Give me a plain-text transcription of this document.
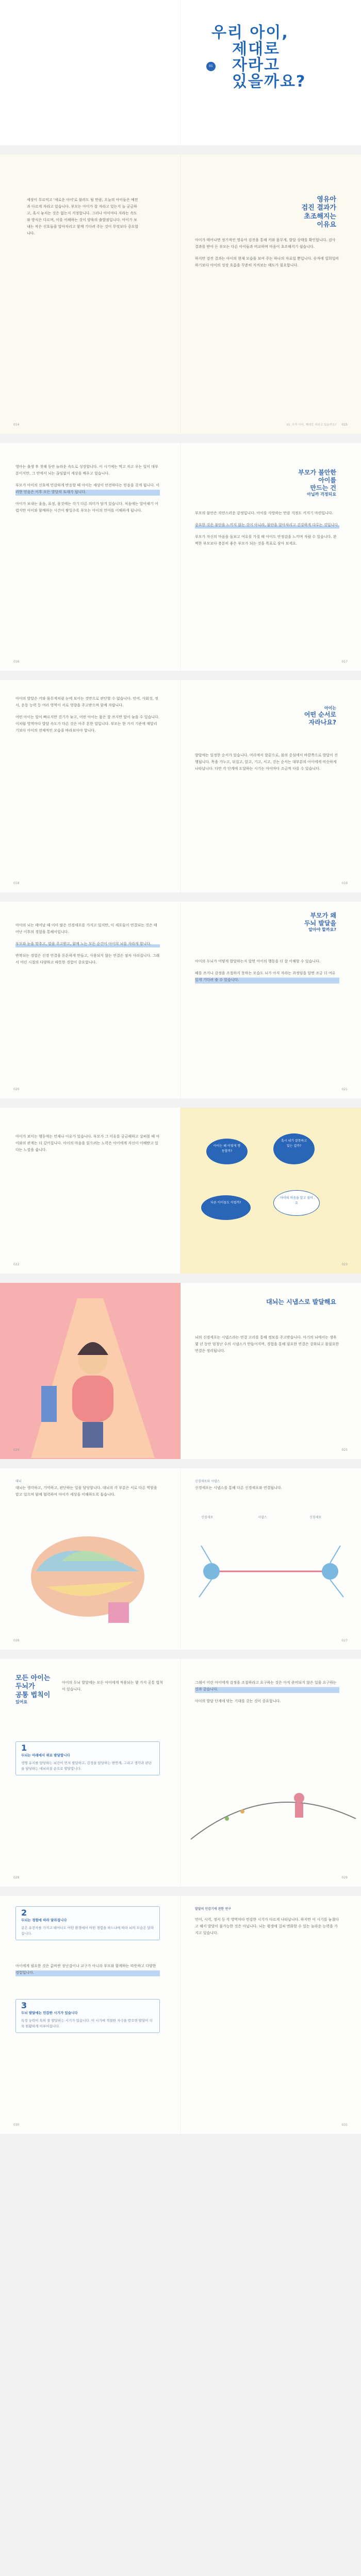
우리 아이,
제대로
자라고
있을까요?
01

세상이 무르익고 '새로운 아이'로 불러도 될 만큼, 오늘의 아이들은 예전과 다르게 자라고 있습니다. 부모는 아이가 잘 자라고 있는지 늘 궁금하고, 혹시 놓치는 것은 없는지 걱정합니다. 그러나 아이마다 자라는 속도와 방식은 다르며, 이를 이해하는 것이 양육의 출발점입니다. 아이가 보내는 작은 신호들을 알아차리고 함께 기다려 주는 것이 무엇보다 중요합니다.

014
영유아
검진 결과가
초조해지는
이유요

아이가 태어나면 정기적인 영유아 검진을 통해 키와 몸무게, 발달 상태를 확인합니다. 검사 결과를 받아 든 부모는 다른 아이들과 비교하며 마음이 초조해지기 쉽습니다.

하지만 검진 결과는 아이의 현재 모습을 보여 주는 하나의 자료일 뿐입니다. 숫자에 일희일비하기보다 아이의 성장 흐름을 꾸준히 지켜보는 태도가 필요합니다.

01. 우리 아이, 제대로 자라고 있을까요? 015

영아는 출생 후 첫해 동안 놀라운 속도로 성장합니다. 이 시기에는 먹고 자고 우는 일이 대부분이지만, 그 안에서 뇌는 끊임없이 세상을 배우고 있습니다.

부모가 아이의 신호에 민감하게 반응할 때 아이는 세상이 안전하다는 믿음을 갖게 됩니다. 이러한 믿음은 이후 모든 발달의 토대가 됩니다.

아이가 보내는 울음, 표정, 몸짓에는 각기 다른 의미가 담겨 있습니다. 처음에는 알아채기 어렵지만 아이와 함께하는 시간이 쌓일수록 부모는 아이의 언어를 이해하게 됩니다.

016
부모가 불안한
아이를
만드는 건
아닐까 걱정되요

부모의 불안은 자연스러운 감정입니다. 아이를 사랑하는 만큼 걱정도 커지기 마련입니다.

중요한 것은 불안을 느끼지 않는 것이 아니라, 불안을 알아차리고 건강하게 다루는 것입니다.

부모가 자신의 마음을 돌보고 여유를 가질 때 아이도 안정감을 느끼며 자랄 수 있습니다. 완벽한 부모보다 충분히 좋은 부모가 되는 것을 목표로 삼아 보세요.

017

아이의 발달은 키와 몸무게처럼 눈에 보이는 것만으로 판단할 수 없습니다. 언어, 사회성, 정서, 운동 능력 등 여러 영역이 서로 영향을 주고받으며 함께 자랍니다.

어떤 아이는 말이 빠르지만 걷기가 늦고, 어떤 아이는 몸은 잘 쓰지만 말이 늦을 수 있습니다. 이처럼 영역마다 발달 속도가 다른 것은 아주 흔한 일입니다. 부모는 한 가지 기준에 매달리기보다 아이의 전체적인 모습을 바라보아야 합니다.

018
아이는
어떤 순서로
자라나요?

발달에는 일정한 순서가 있습니다. 머리에서 발끝으로, 몸의 중심에서 바깥쪽으로 발달이 진행됩니다. 목을 가누고, 뒤집고, 앉고, 기고, 서고, 걷는 순서는 대부분의 아이에게 비슷하게 나타납니다. 다만 각 단계에 도달하는 시기는 아이마다 조금씩 다를 수 있습니다.

019

아이의 뇌는 태어날 때 이미 많은 신경세포를 가지고 있지만, 이 세포들이 연결되는 것은 태어난 이후의 경험을 통해서입니다.

부모와 눈을 맞추고, 말을 주고받고, 함께 노는 모든 순간이 아이의 뇌를 자라게 합니다.

반복되는 경험은 신경 연결을 튼튼하게 만들고, 사용되지 않는 연결은 점차 사라집니다. 그래서 어린 시절의 다양하고 따뜻한 경험이 중요합니다.

020
부모가 왜
두뇌 발달을
알아야 할까요?

아이의 두뇌가 어떻게 발달하는지 알면 아이의 행동을 더 잘 이해할 수 있습니다.

떼를 쓰거나 감정을 조절하지 못하는 모습도 뇌가 아직 자라는 과정임을 알면 조금 더 여유 있게 기다려 줄 수 있습니다.

021

아이가 보이는 행동에는 언제나 이유가 있습니다. 부모가 그 이유를 궁금해하고 살펴볼 때 아이와의 관계는 더 깊어집니다. 아이의 마음을 읽으려는 노력은 아이에게 자신이 이해받고 있다는 느낌을 줍니다.

022
아이는 왜 이렇게 행동할까?
혹시 내가 잘못하고 있는 걸까?
다른 아이들도 이럴까?
아이의 마음을 알고 싶어요
023
024
대뇌는 시냅스로 발달해요

뇌의 신경세포는 시냅스라는 연결 고리를 통해 정보를 주고받습니다. 아기의 뇌에서는 생후 몇 년 동안 엄청난 수의 시냅스가 만들어지며, 경험을 통해 필요한 연결은 강화되고 불필요한 연결은 정리됩니다.

025
대뇌

대뇌는 생각하고, 기억하고, 판단하는 일을 담당합니다. 대뇌의 각 부분은 서로 다른 역할을 맡고 있으며 함께 협력하여 아이가 세상을 이해하도록 돕습니다.

026
신경세포와 시냅스

신경세포는 시냅스를 통해 다른 신경세포와 연결됩니다.

신경세포	시냅스	신경세포
027
모든 아이는
두뇌가
공통 법칙이
있어요

아이의 두뇌 발달에는 모든 아이에게 적용되는 몇 가지 공통 법칙이 있습니다.

1
두뇌는 아래에서 위로 발달합니다
생명 유지를 담당하는 뇌간이 먼저 발달하고, 감정을 담당하는 변연계, 그리고 생각과 판단을 담당하는 대뇌피질 순으로 발달합니다.
028

그래서 어린 아이에게 감정을 조절하라고 요구하는 것은 아직 준비되지 않은 일을 요구하는 것과 같습니다.

아이의 발달 단계에 맞는 기대를 갖는 것이 중요합니다.

029
2
두뇌는 경험에 따라 달라집니다
같은 유전자를 가지고 태어나도 어떤 환경에서 어떤 경험을 하느냐에 따라 뇌의 모습은 달라집니다.

아이에게 필요한 것은 값비싼 장난감이나 교구가 아니라 부모와 함께하는 따뜻하고 다양한 경험입니다.

3
두뇌 발달에는 민감한 시기가 있습니다
특정 능력이 특히 잘 발달하는 시기가 있습니다. 이 시기에 적절한 자극을 받으면 발달이 더욱 원활하게 이루어집니다.
030
발달의 민감기에 관한 연구

언어, 시각, 정서 등 각 영역마다 민감한 시기가 다르게 나타납니다. 하지만 이 시기를 놓쳤다고 해서 발달이 불가능한 것은 아닙니다. 뇌는 평생에 걸쳐 변화할 수 있는 놀라운 능력을 가지고 있습니다.

031
